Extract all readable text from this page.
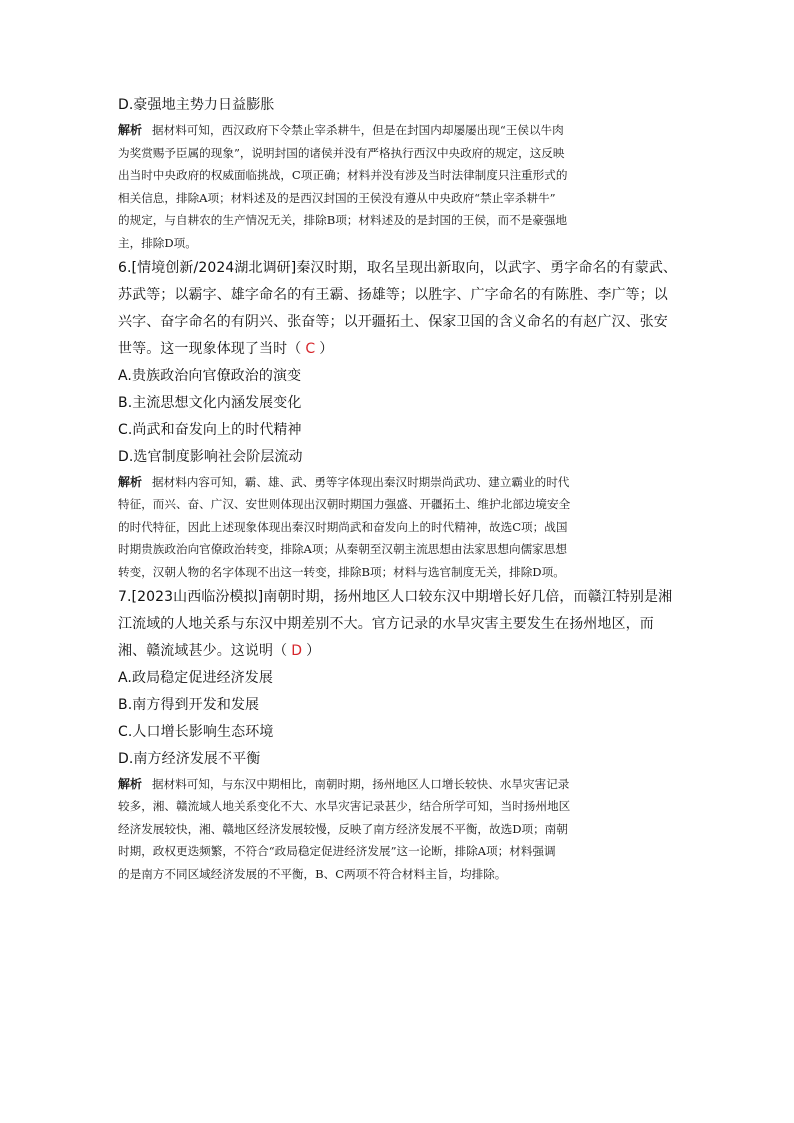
D.豪强地主势力日益膨胀
解析 据材料可知，西汉政府下令禁止宰杀耕牛，但是在封国内却屡屡出现“王侯以牛肉
为奖赏赐予臣属的现象”，说明封国的诸侯并没有严格执行西汉中央政府的规定，这反映
出当时中央政府的权威面临挑战，C项正确；材料并没有涉及当时法律制度只注重形式的
相关信息，排除A项；材料述及的是西汉封国的王侯没有遵从中央政府“禁止宰杀耕牛”
的规定，与自耕农的生产情况无关，排除B项；材料述及的是封国的王侯，而不是豪强地
主，排除D项。
6.[情境创新/2024湖北调研]秦汉时期，取名呈现出新取向，以武字、勇字命名的有蒙武、
苏武等；以霸字、雄字命名的有王霸、扬雄等；以胜字、广字命名的有陈胜、李广等；以
兴字、奋字命名的有阴兴、张奋等；以开疆拓土、保家卫国的含义命名的有赵广汉、张安
世等。这一现象体现了当时（ C ）
A.贵族政治向官僚政治的演变
B.主流思想文化内涵发展变化
C.尚武和奋发向上的时代精神
D.选官制度影响社会阶层流动
解析 据材料内容可知，霸、雄、武、勇等字体现出秦汉时期崇尚武功、建立霸业的时代
特征，而兴、奋、广汉、安世则体现出汉朝时期国力强盛、开疆拓土、维护北部边境安全
的时代特征，因此上述现象体现出秦汉时期尚武和奋发向上的时代精神，故选C项；战国
时期贵族政治向官僚政治转变，排除A项；从秦朝至汉朝主流思想由法家思想向儒家思想
转变，汉朝人物的名字体现不出这一转变，排除B项；材料与选官制度无关，排除D项。
7.[2023山西临汾模拟]南朝时期，扬州地区人口较东汉中期增长好几倍，而赣江特别是湘
江流域的人地关系与东汉中期差别不大。官方记录的水旱灾害主要发生在扬州地区，而
湘、赣流域甚少。这说明（ D ）
A.政局稳定促进经济发展
B.南方得到开发和发展
C.人口增长影响生态环境
D.南方经济发展不平衡
解析 据材料可知，与东汉中期相比，南朝时期，扬州地区人口增长较快、水旱灾害记录
较多，湘、赣流域人地关系变化不大、水旱灾害记录甚少，结合所学可知，当时扬州地区
经济发展较快，湘、赣地区经济发展较慢，反映了南方经济发展不平衡，故选D项；南朝
时期，政权更迭频繁，不符合“政局稳定促进经济发展”这一论断，排除A项；材料强调
的是南方不同区域经济发展的不平衡，B、C两项不符合材料主旨，均排除。
